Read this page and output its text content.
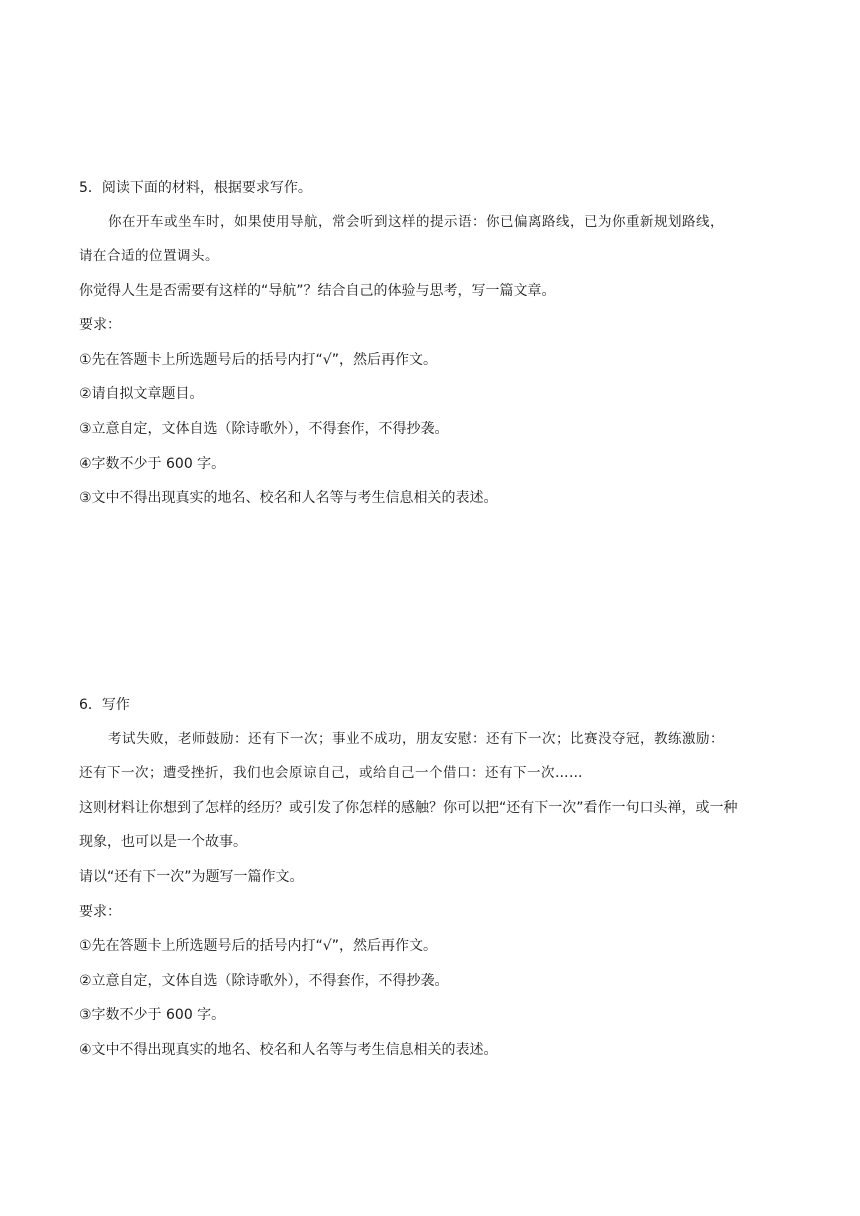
5．阅读下面的材料，根据要求写作。
你在开车或坐车时，如果使用导航，常会听到这样的提示语：你已偏离路线，已为你重新规划路线，
请在合适的位置调头。
你觉得人生是否需要有这样的“导航”？结合自己的体验与思考，写一篇文章。
要求：
①先在答题卡上所选题号后的括号内打“√”，然后再作文。
②请自拟文章题目。
③立意自定，文体自选（除诗歌外），不得套作，不得抄袭。
④字数不少于 600 字。
③文中不得出现真实的地名、校名和人名等与考生信息相关的表述。
6．写作
考试失败，老师鼓励：还有下一次；事业不成功，朋友安慰：还有下一次；比赛没夺冠，教练激励：
还有下一次；遭受挫折，我们也会原谅自己，或给自己一个借口：还有下一次……
这则材料让你想到了怎样的经历？或引发了你怎样的感触？你可以把“还有下一次”看作一句口头禅，或一种
现象，也可以是一个故事。
请以“还有下一次”为题写一篇作文。
要求：
①先在答题卡上所选题号后的括号内打“√”，然后再作文。
②立意自定，文体自选（除诗歌外），不得套作，不得抄袭。
③字数不少于 600 字。
④文中不得出现真实的地名、校名和人名等与考生信息相关的表述。
